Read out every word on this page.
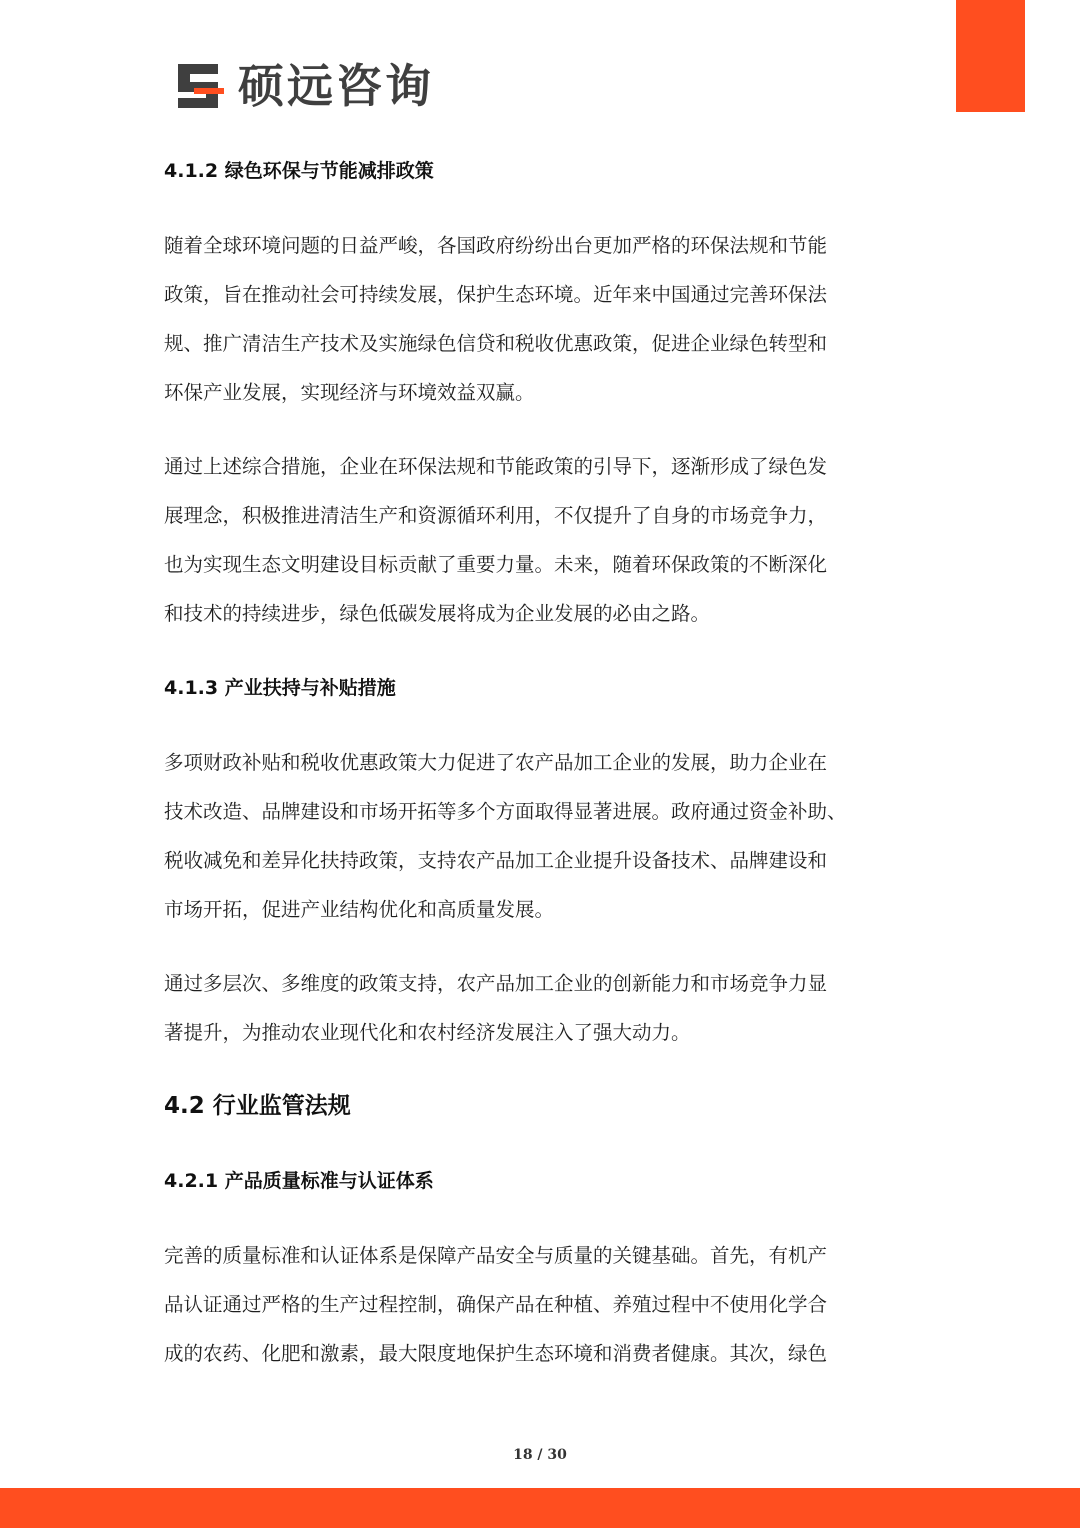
硕远咨询
4.1.2 绿色环保与节能减排政策
随着全球环境问题的日益严峻，各国政府纷纷出台更加严格的环保法规和节能
政策，旨在推动社会可持续发展，保护生态环境。近年来中国通过完善环保法
规、推广清洁生产技术及实施绿色信贷和税收优惠政策，促进企业绿色转型和
环保产业发展，实现经济与环境效益双赢。
通过上述综合措施，企业在环保法规和节能政策的引导下，逐渐形成了绿色发
展理念，积极推进清洁生产和资源循环利用，不仅提升了自身的市场竞争力，
也为实现生态文明建设目标贡献了重要力量。未来，随着环保政策的不断深化
和技术的持续进步，绿色低碳发展将成为企业发展的必由之路。
4.1.3 产业扶持与补贴措施
多项财政补贴和税收优惠政策大力促进了农产品加工企业的发展，助力企业在
技术改造、品牌建设和市场开拓等多个方面取得显著进展。政府通过资金补助、
税收减免和差异化扶持政策，支持农产品加工企业提升设备技术、品牌建设和
市场开拓，促进产业结构优化和高质量发展。
通过多层次、多维度的政策支持，农产品加工企业的创新能力和市场竞争力显
著提升，为推动农业现代化和农村经济发展注入了强大动力。
4.2 行业监管法规
4.2.1 产品质量标准与认证体系
完善的质量标准和认证体系是保障产品安全与质量的关键基础。首先，有机产
品认证通过严格的生产过程控制，确保产品在种植、养殖过程中不使用化学合
成的农药、化肥和激素，最大限度地保护生态环境和消费者健康。其次，绿色
18 / 30
